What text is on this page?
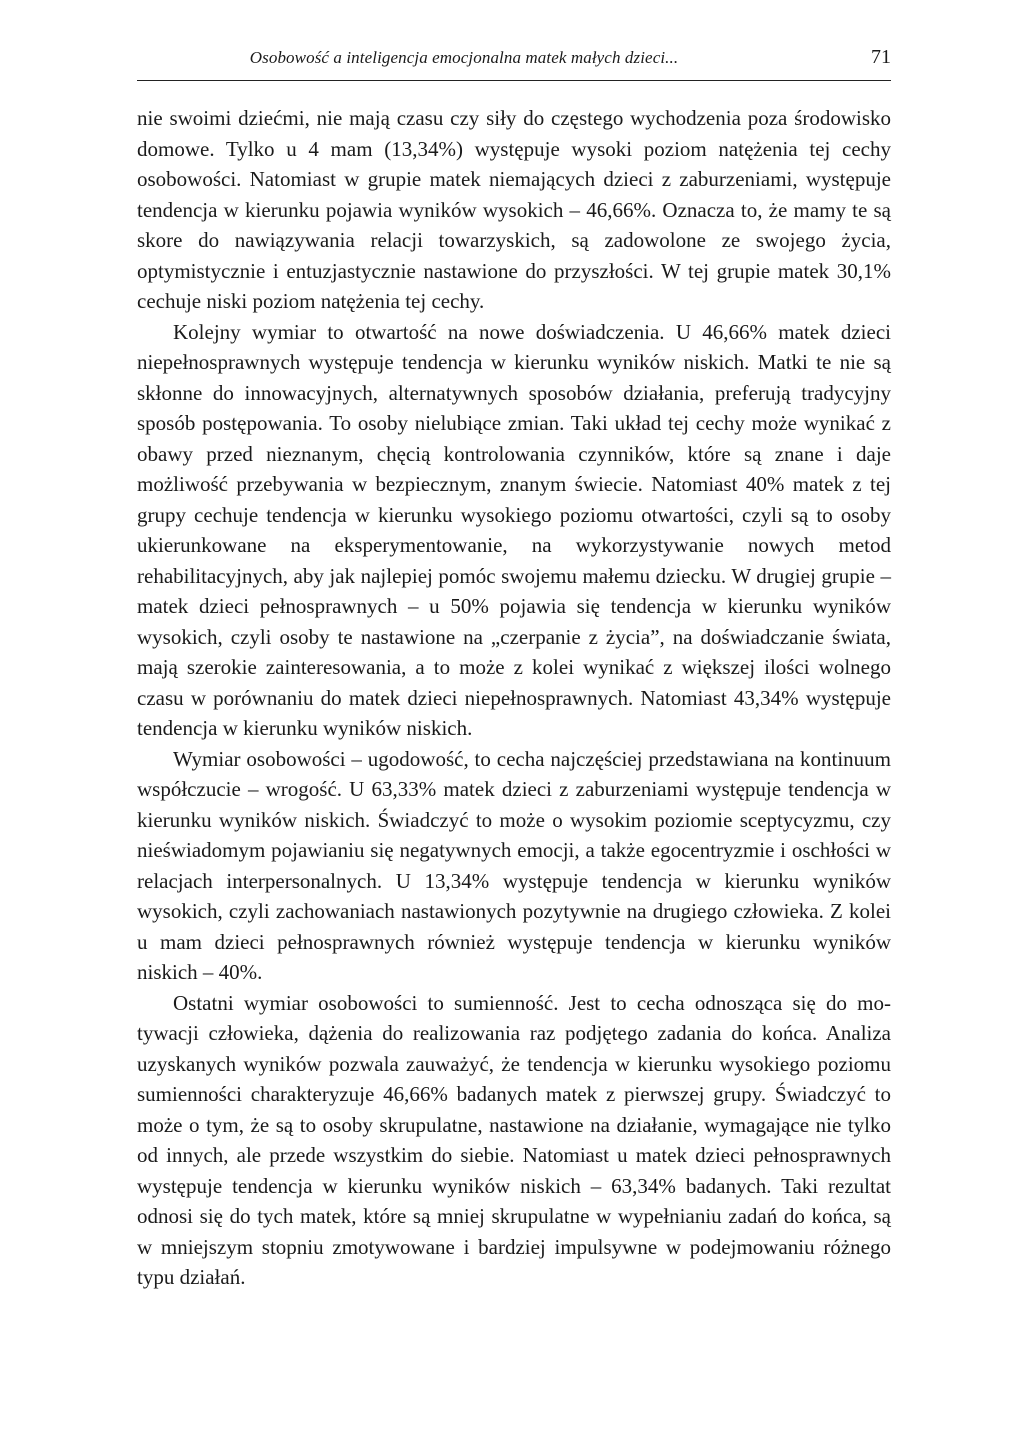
Osobowość a inteligencja emocjonalna matek małych dzieci...	71

nie swoimi dziećmi, nie mają czasu czy siły do częstego wychodzenia poza środowisko domowe. Tylko u 4 mam (13,34%) występuje wysoki poziom natężenia tej cechy osobowości. Natomiast w grupie matek niemających dzieci z zaburzeniami, występuje tendencja w kierunku pojawia wyników wysokich – 46,66%. Oznacza to, że mamy te są skore do nawiązywania relacji towarzyskich, są zadowolone ze swojego życia, optymistycznie i entuzjastycznie nastawione do przyszłości. W tej grupie matek 30,1% cechuje niski poziom natężenia tej cechy.

Kolejny wymiar to otwartość na nowe doświadczenia. U 46,66% matek dzieci niepełnosprawnych występuje tendencja w kierunku wyników niskich. Matki te nie są skłonne do innowacyjnych, alternatywnych sposobów działania, preferują tradycyjny sposób postępowania. To osoby nielubiące zmian. Taki układ tej cechy może wynikać z obawy przed nieznanym, chęcią kontrolowania czynników, które są znane i daje możliwość przebywania w bezpiecznym, znanym świecie. Natomiast 40% matek z tej grupy cechuje tendencja w kierunku wysokiego poziomu otwartości, czyli są to osoby ukierunkowane na eksperymentowanie, na wykorzystywanie nowych metod rehabilitacyjnych, aby jak najlepiej pomóc swojemu małemu dziecku. W drugiej grupie – matek dzieci pełnosprawnych – u 50% pojawia się tendencja w kierunku wyników wysokich, czyli osoby te nastawione na „czerpanie z życia”, na doświadczanie świata, mają szerokie zainteresowania, a to może z kolei wynikać z większej ilości wolnego czasu w porównaniu do matek dzieci niepełnosprawnych. Natomiast 43,34% występuje tendencja w kierunku wyników niskich.

Wymiar osobowości – ugodowość, to cecha najczęściej przedstawiana na kontinuum współczucie – wrogość. U 63,33% matek dzieci z zaburzeniami występuje tendencja w kierunku wyników niskich. Świadczyć to może o wysokim poziomie sceptycyzmu, czy nieświadomym pojawianiu się negatywnych emocji, a także egocentryzmie i oschłości w relacjach interpersonalnych. U 13,34% występuje tendencja w kierunku wyników wysokich, czyli zachowaniach nastawionych pozytywnie na drugiego człowieka. Z kolei u mam dzieci pełnosprawnych również występuje tendencja w kierunku wyników niskich – 40%.

Ostatni wymiar osobowości to sumienność. Jest to cecha odnosząca się do motywacji człowieka, dążenia do realizowania raz podjętego zadania do końca. Analiza uzyskanych wyników pozwala zauważyć, że tendencja w kierunku wysokiego poziomu sumienności charakteryzuje 46,66% badanych matek z pierwszej grupy. Świadczyć to może o tym, że są to osoby skrupulatne, nastawione na działanie, wymagające nie tylko od innych, ale przede wszystkim do siebie. Natomiast u matek dzieci pełnosprawnych występuje tendencja w kierunku wyników niskich – 63,34% badanych. Taki rezultat odnosi się do tych matek, które są mniej skrupulatne w wypełnianiu zadań do końca, są w mniejszym stopniu zmotywowane i bardziej impulsywne w podejmowaniu różnego typu działań.
